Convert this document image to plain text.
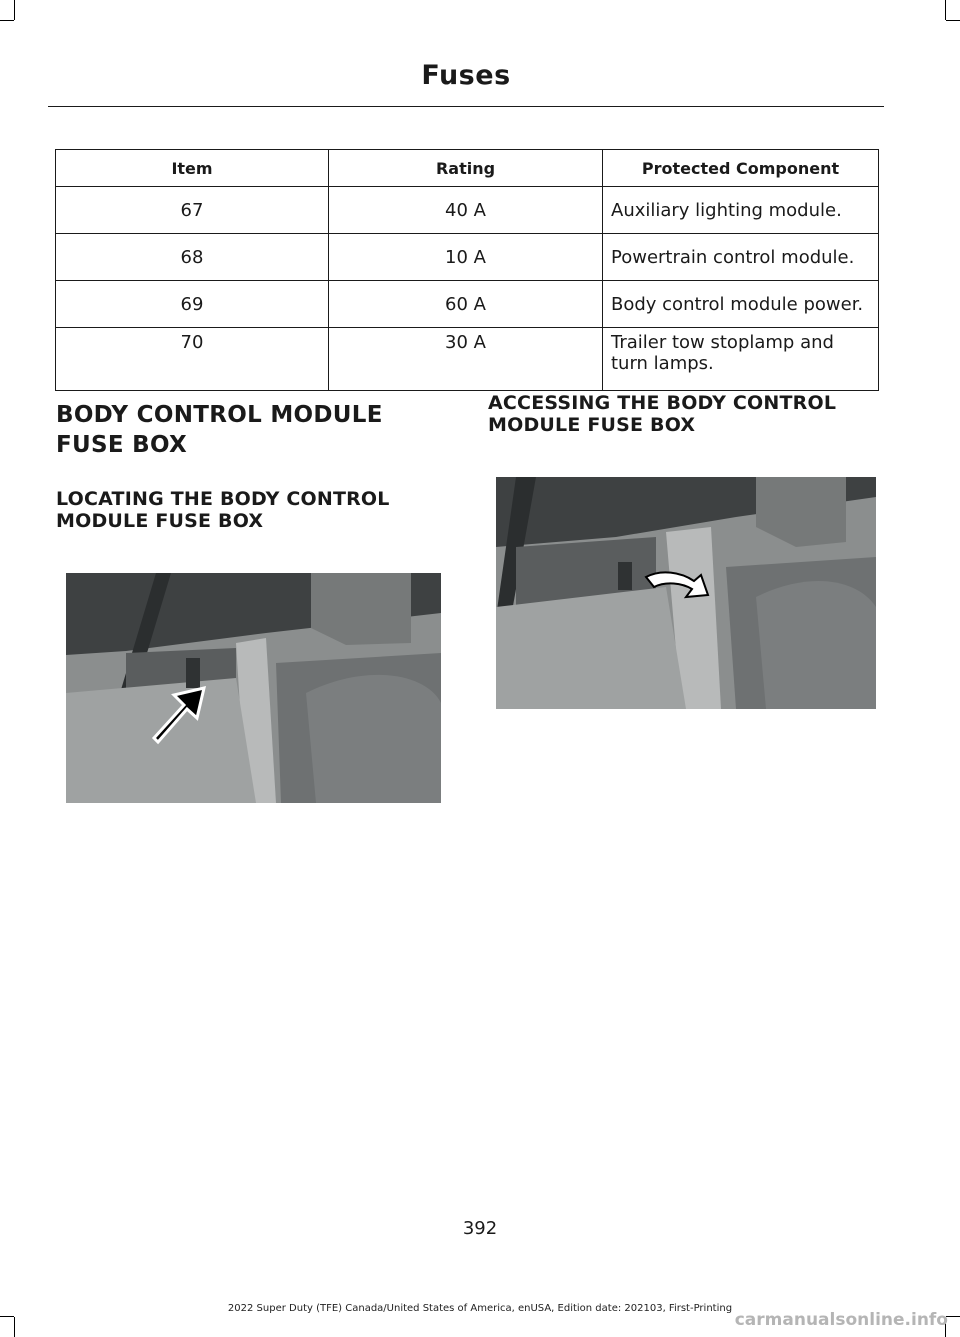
Fuses
Item	Rating	Protected Component
67	40 A	Auxiliary lighting module.
68	10 A	Powertrain control module.
69	60 A	Body control module power.
70	30 A	Trailer tow stoplamp and turn lamps.
BODY CONTROL MODULE
FUSE BOX
LOCATING THE BODY CONTROL MODULE FUSE BOX
ACCESSING THE BODY CONTROL MODULE FUSE BOX
392
2022 Super Duty (TFE) Canada/United States of America, enUSA, Edition date: 202103, First-Printing
carmanualsonline.info
